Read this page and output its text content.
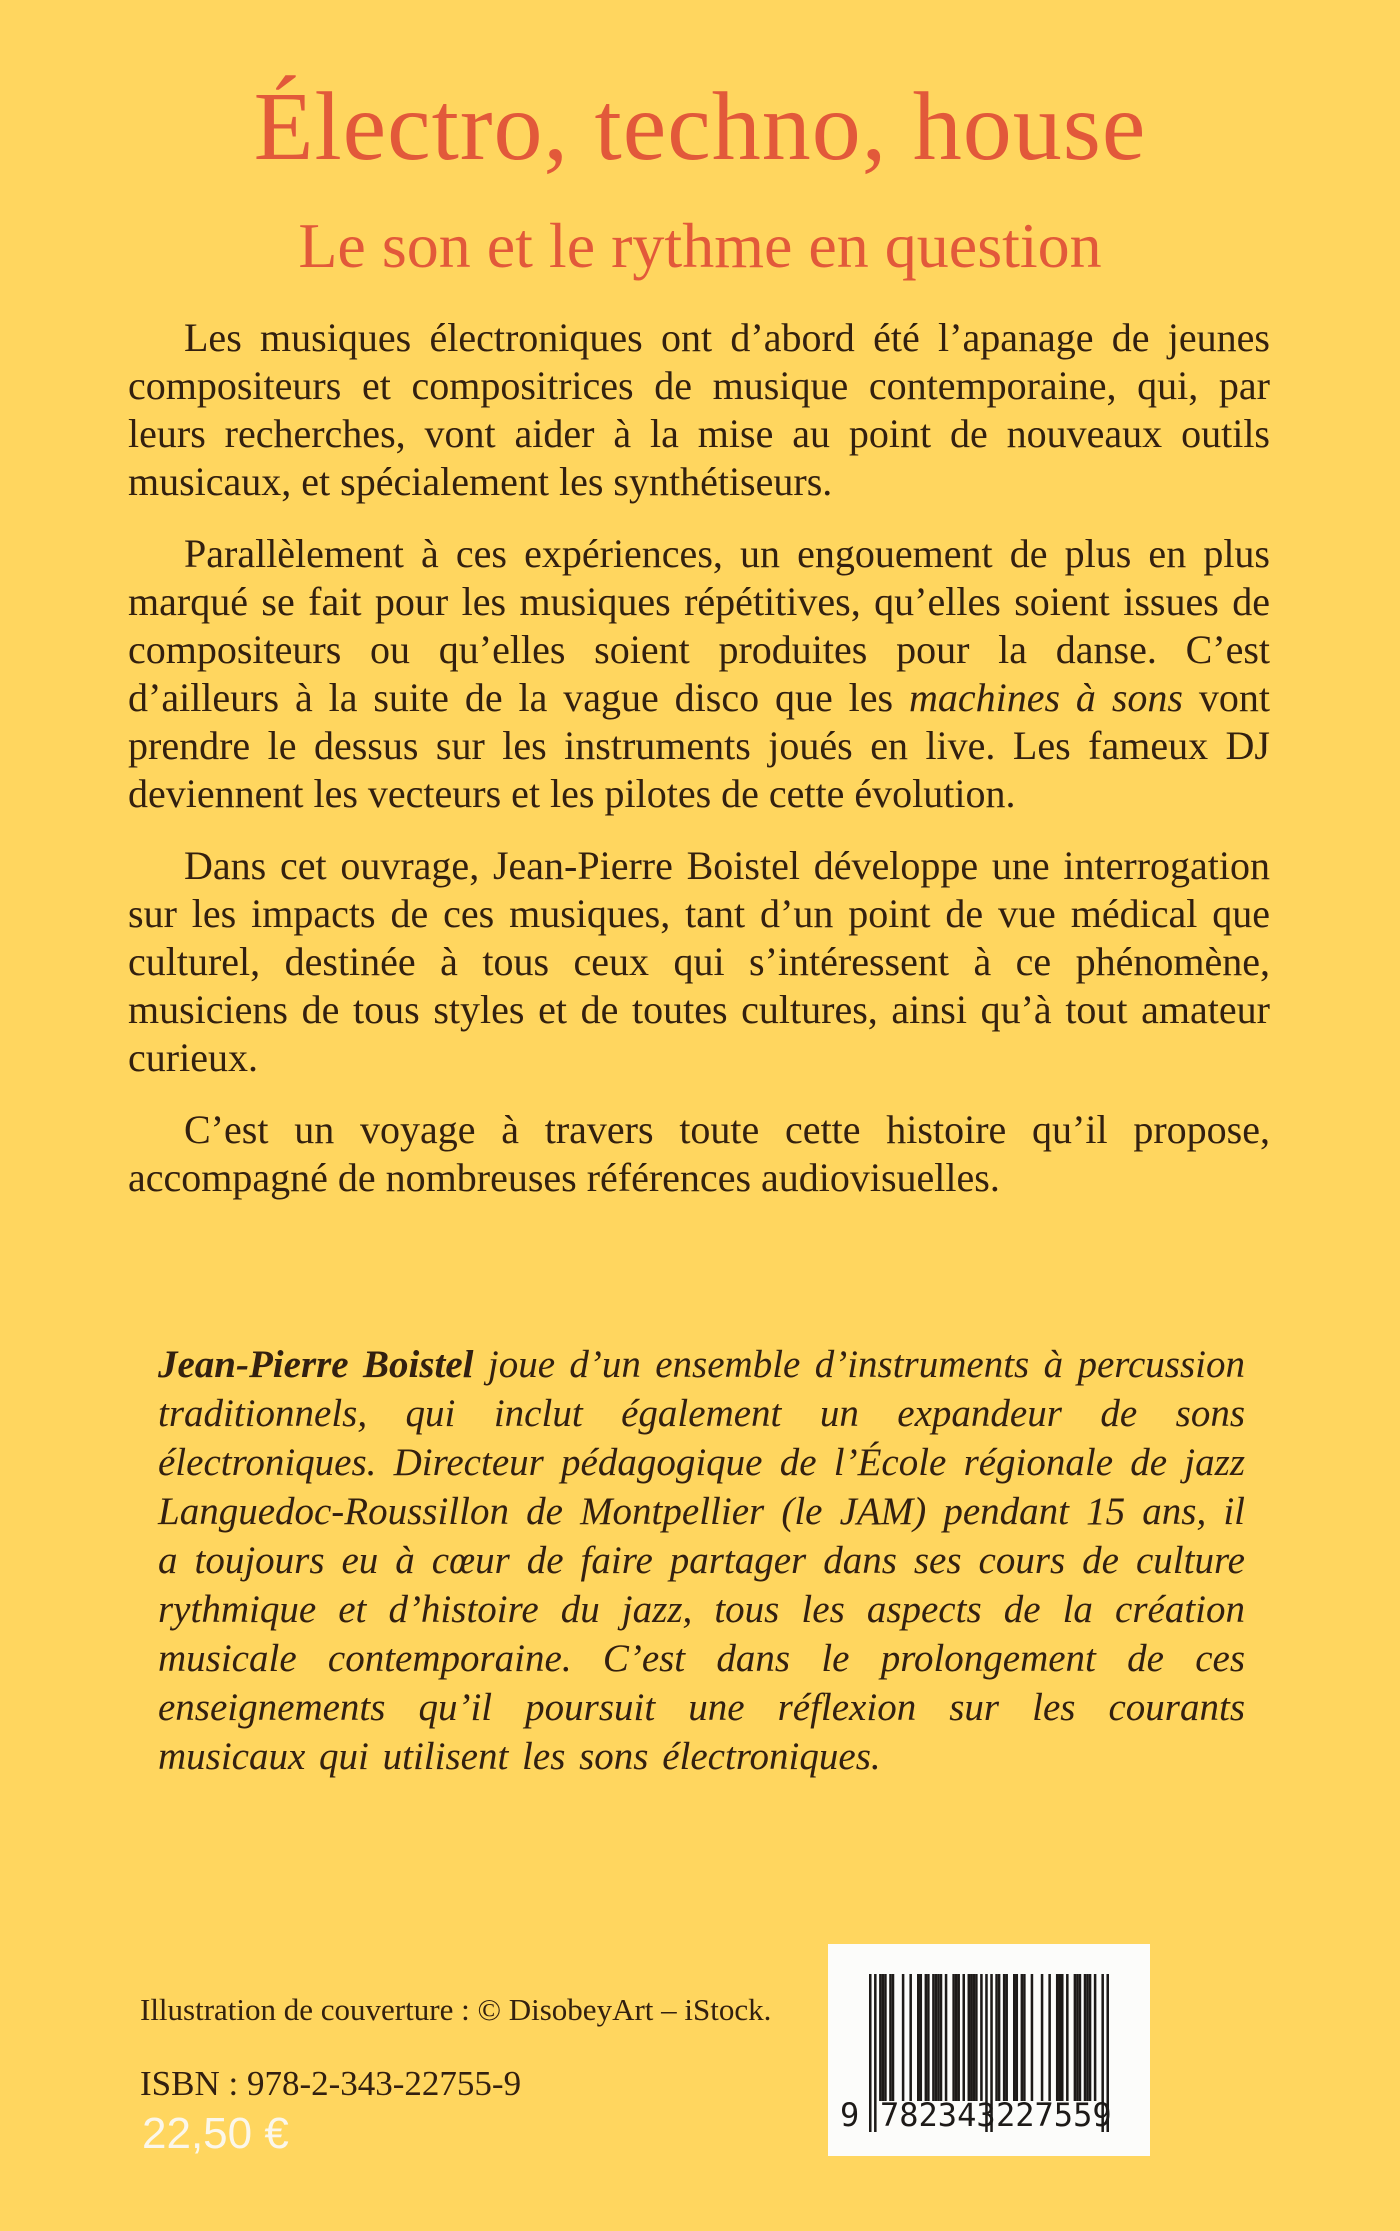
Électro, techno, house
Le son et le rythme en question

Les musiques électroniques ont d’abord été l’apanage de jeunes compositeurs et compositrices de musique contemporaine, qui, par leurs recherches, vont aider à la mise au point de nouveaux outils musicaux, et spécialement les synthétiseurs.

Parallèlement à ces expériences, un engouement de plus en plus marqué se fait pour les musiques répétitives, qu’elles soient issues de compositeurs ou qu’elles soient produites pour la danse. C’est d’ailleurs à la suite de la vague disco que les machines à sons vont prendre le dessus sur les instruments joués en live. Les fameux DJ deviennent les vecteurs et les pilotes de cette évolution.

Dans cet ouvrage, Jean-Pierre Boistel développe une interrogation sur les impacts de ces musiques, tant d’un point de vue médical que culturel, destinée à tous ceux qui s’intéressent à ce phénomène, musiciens de tous styles et de toutes cultures, ainsi qu’à tout amateur curieux.

C’est un voyage à travers toute cette histoire qu’il propose, accompagné de nombreuses références audiovisuelles.

Jean-Pierre Boistel joue d’un ensemble d’instruments à percussion traditionnels, qui inclut également un expandeur de sons électroniques. Directeur pédagogique de l’École régionale de jazz Languedoc-Roussillon de Montpellier (le JAM) pendant 15 ans, il a toujours eu à cœur de faire partager dans ses cours de culture rythmique et d’histoire du jazz, tous les aspects de la création musicale contemporaine. C’est dans le prolongement de ces enseignements qu’il poursuit une réflexion sur les courants musicaux qui utilisent les sons électroniques.

Illustration de couverture : © DisobeyArt – iStock.
ISBN : 978-2-343-22755-9
22,50 €	9 782343 227559
